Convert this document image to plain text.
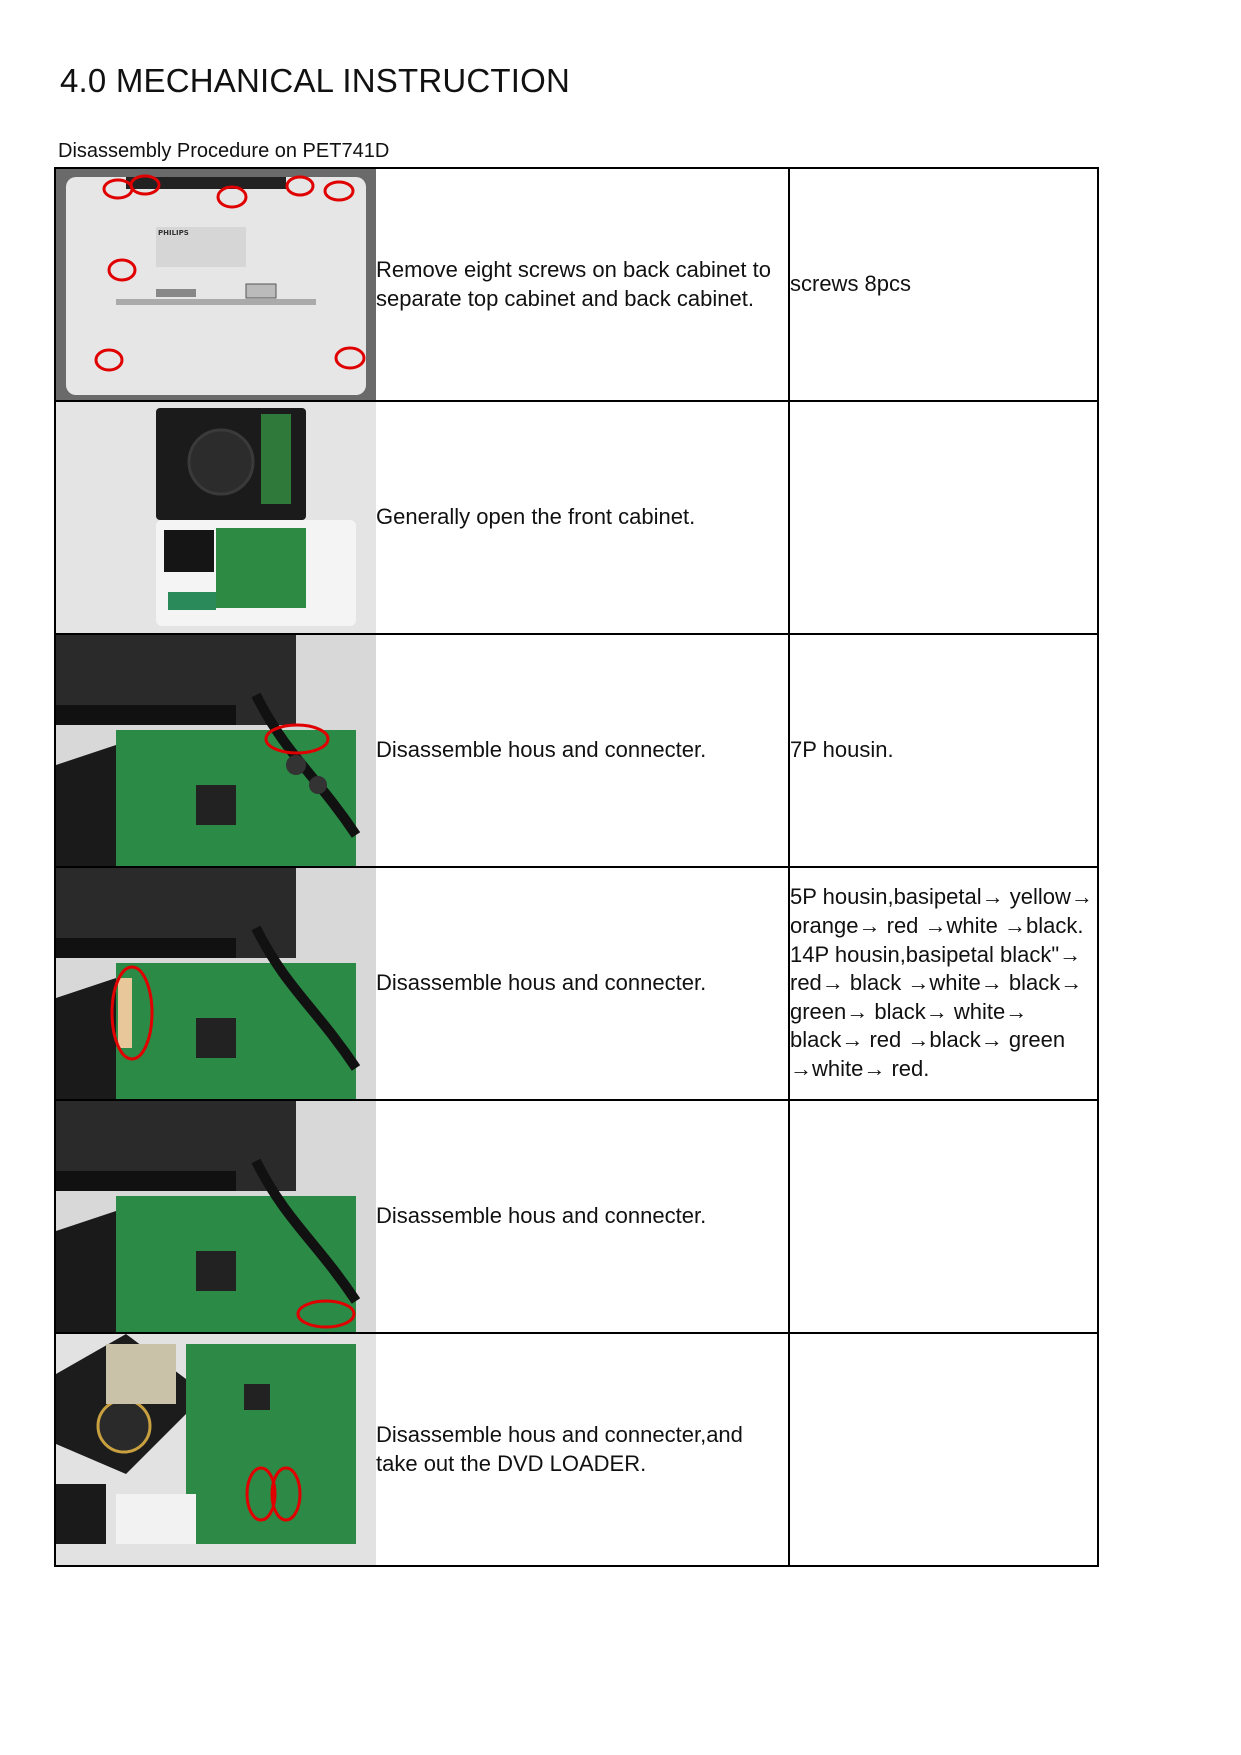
4.0 MECHANICAL INSTRUCTION
Disassembly Procedure on PET741D
PHILIPS	Remove eight screws on back cabinet to separate top cabinet and back cabinet.	screws 8pcs

	Generally open the front cabinet.	

	Disassemble hous and connecter.	7P housin.

	Disassemble hous and connecter.	5P housin,basipetal→ yellow→ orange→ red →white →black. 14P housin,basipetal black"→ red→ black →white→ black→ green→ black→ white→ black→ red →black→ green →white→ red.

	Disassemble hous and connecter.	

	Disassemble hous and connecter,and take out the DVD LOADER.	
